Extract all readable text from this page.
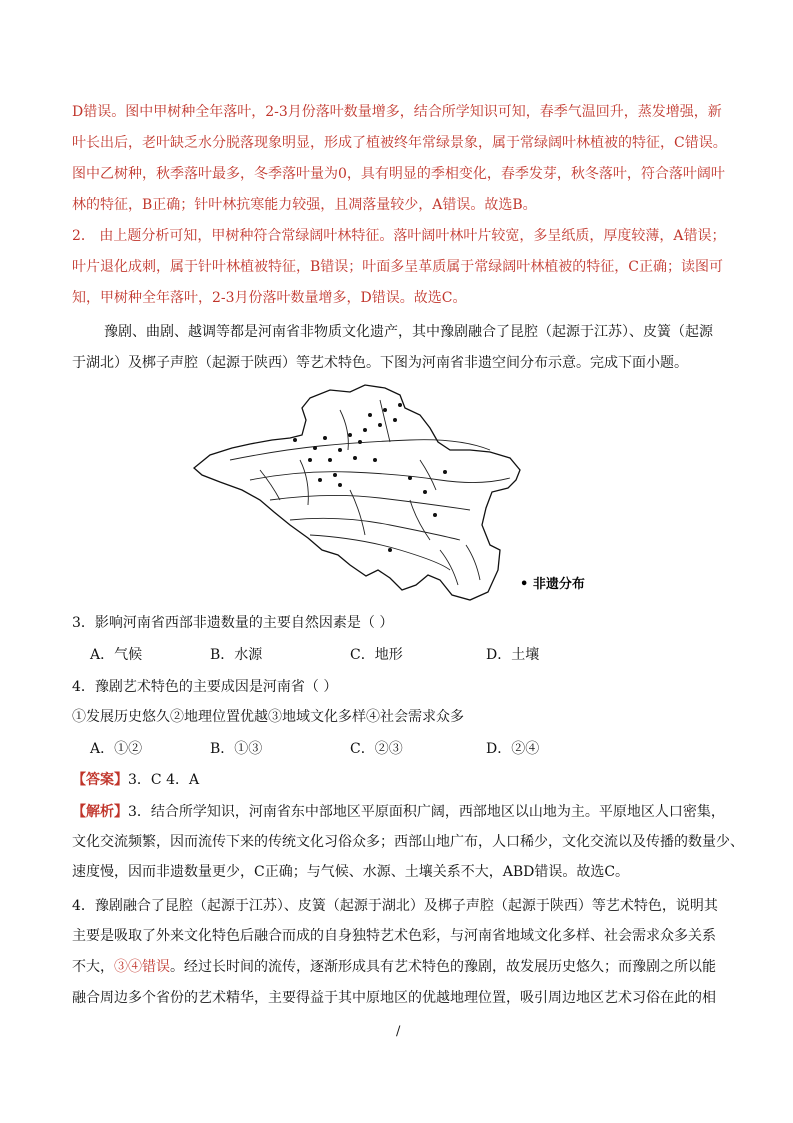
D错误。图中甲树种全年落叶，2-3月份落叶数量增多，结合所学知识可知，春季气温回升，蒸发增强，新
叶长出后，老叶缺乏水分脱落现象明显，形成了植被终年常绿景象，属于常绿阔叶林植被的特征，C错误。
图中乙树种，秋季落叶最多，冬季落叶量为0，具有明显的季相变化，春季发芽，秋冬落叶，符合落叶阔叶
林的特征，B正确；针叶林抗寒能力较强，且凋落量较少，A错误。故选B。
2． 由上题分析可知，甲树种符合常绿阔叶林特征。落叶阔叶林叶片较宽，多呈纸质，厚度较薄，A错误；
叶片退化成刺，属于针叶林植被特征，B错误；叶面多呈革质属于常绿阔叶林植被的特征，C正确；读图可
知，甲树种全年落叶，2-3月份落叶数量增多，D错误。故选C。
豫剧、曲剧、越调等都是河南省非物质文化遗产，其中豫剧融合了昆腔（起源于江苏）、皮簧（起源
于湖北）及梆子声腔（起源于陕西）等艺术特色。下图为河南省非遗空间分布示意。完成下面小题。
• 非遗分布
3．影响河南省西部非遗数量的主要自然因素是（ ）
A．气候	B．水源	C．地形	D．土壤
4．豫剧艺术特色的主要成因是河南省（ ）
①发展历史悠久②地理位置优越③地域文化多样④社会需求众多
A．①②	B．①③	C．②③	D．②④
【答案】3．C 4．A
【解析】3．结合所学知识，河南省东中部地区平原面积广阔，西部地区以山地为主。平原地区人口密集，
文化交流频繁，因而流传下来的传统文化习俗众多；西部山地广布，人口稀少，文化交流以及传播的数量少、
速度慢，因而非遗数量更少，C正确；与气候、水源、土壤关系不大，ABD错误。故选C。
4．豫剧融合了昆腔（起源于江苏）、皮簧（起源于湖北）及梆子声腔（起源于陕西）等艺术特色，说明其
主要是吸取了外来文化特色后融合而成的自身独特艺术色彩，与河南省地域文化多样、社会需求众多关系
不大，③④错误。经过长时间的流传，逐渐形成具有艺术特色的豫剧，故发展历史悠久；而豫剧之所以能
融合周边多个省份的艺术精华，主要得益于其中原地区的优越地理位置，吸引周边地区艺术习俗在此的相
/
